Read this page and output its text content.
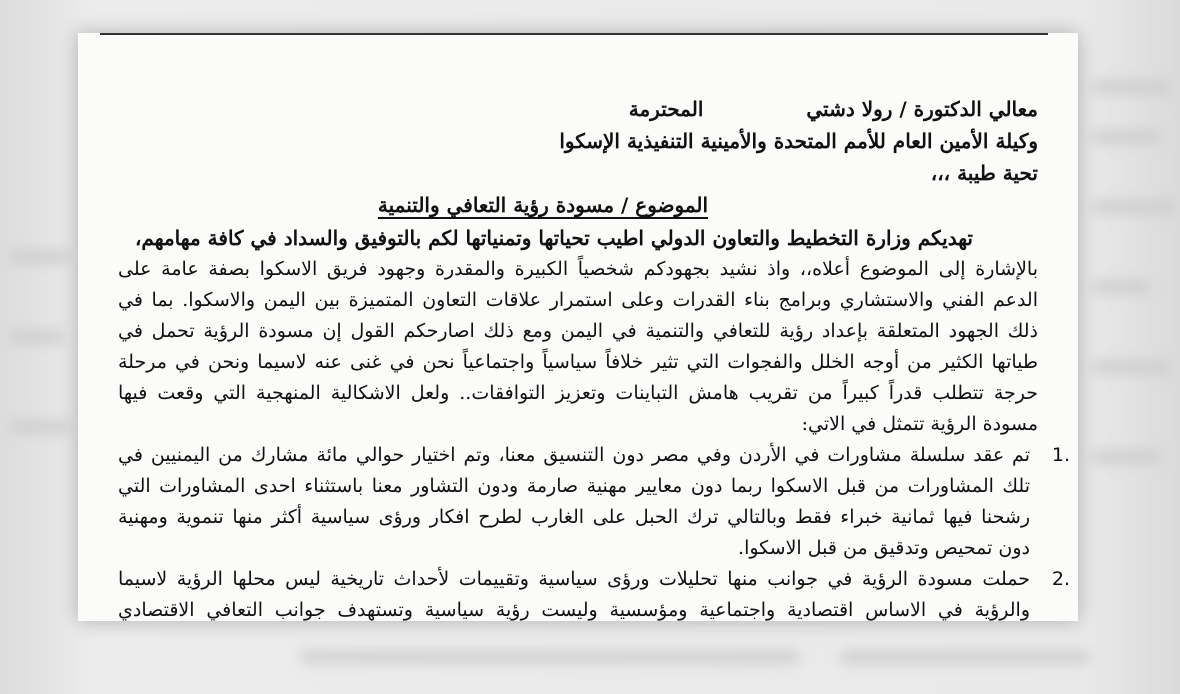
معالي الدكتورة / رولا دشتي المحترمة
وكيلة الأمين العام للأمم المتحدة والأمينية التنفيذية الإسكوا
تحية طيبة ،،،
الموضوع / مسودة رؤية التعافي والتنمية
تهديكم وزارة التخطيط والتعاون الدولي اطيب تحياتها وتمنياتها لكم بالتوفيق والسداد في كافة مهامهم،
بالإشارة إلى الموضوع أعلاه،، واذ نشيد بجهودكم شخصياً الكبيرة والمقدرة وجهود فريق الاسكوا بصفة عامة على
الدعم الفني والاستشاري وبرامج بناء القدرات وعلى استمرار علاقات التعاون المتميزة بين اليمن والاسكوا. بما في
ذلك الجهود المتعلقة بإعداد رؤية للتعافي والتنمية في اليمن ومع ذلك اصارحكم القول إن مسودة الرؤية تحمل في
طياتها الكثير من أوجه الخلل والفجوات التي تثير خلافاً سياسياً واجتماعياً نحن في غنى عنه لاسيما ونحن في مرحلة
حرجة تتطلب قدراً كبيراً من تقريب هامش التباينات وتعزيز التوافقات.. ولعل الاشكالية المنهجية التي وقعت فيها
مسودة الرؤية تتمثل في الاتي:
1.
تم عقد سلسلة مشاورات في الأردن وفي مصر دون التنسيق معنا، وتم اختيار حوالي مائة مشارك من اليمنيين في
تلك المشاورات من قبل الاسكوا ربما دون معايير مهنية صارمة ودون التشاور معنا باستثناء احدى المشاورات التي
رشحنا فيها ثمانية خبراء فقط وبالتالي ترك الحبل على الغارب لطرح افكار ورؤى سياسية أكثر منها تنموية ومهنية
دون تمحيص وتدقيق من قبل الاسكوا.
2.
حملت مسودة الرؤية في جوانب منها تحليلات ورؤى سياسية وتقييمات لأحداث تاريخية ليس محلها الرؤية لاسيما
والرؤية في الاساس اقتصادية واجتماعية ومؤسسية وليست رؤية سياسية وتستهدف جوانب التعافي الاقتصادي
